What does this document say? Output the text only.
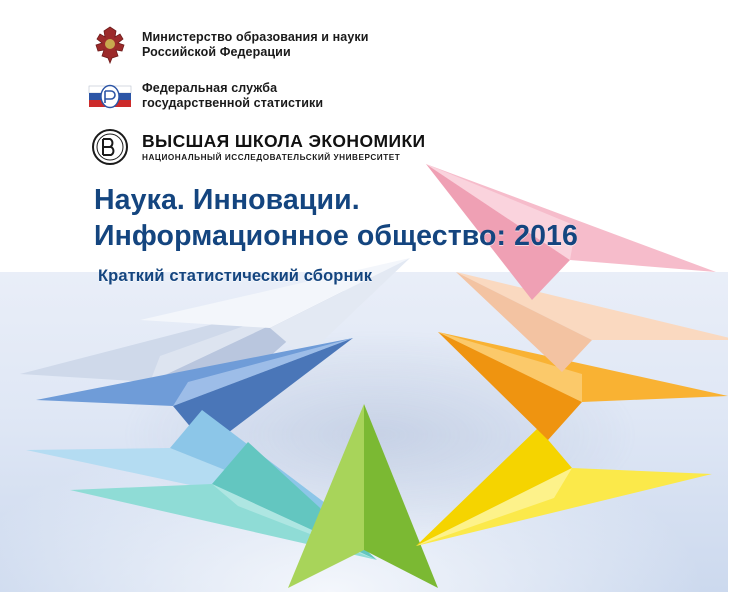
Министерство образования и науки
Российской Федерации
Федеральная служба
государственной статистики
ВЫСШАЯ ШКОЛА ЭКОНОМИКИ
НАЦИОНАЛЬНЫЙ ИССЛЕДОВАТЕЛЬСКИЙ УНИВЕРСИТЕТ
Наука. Инновации.
Информационное общество: 2016
Краткий статистический сборник
